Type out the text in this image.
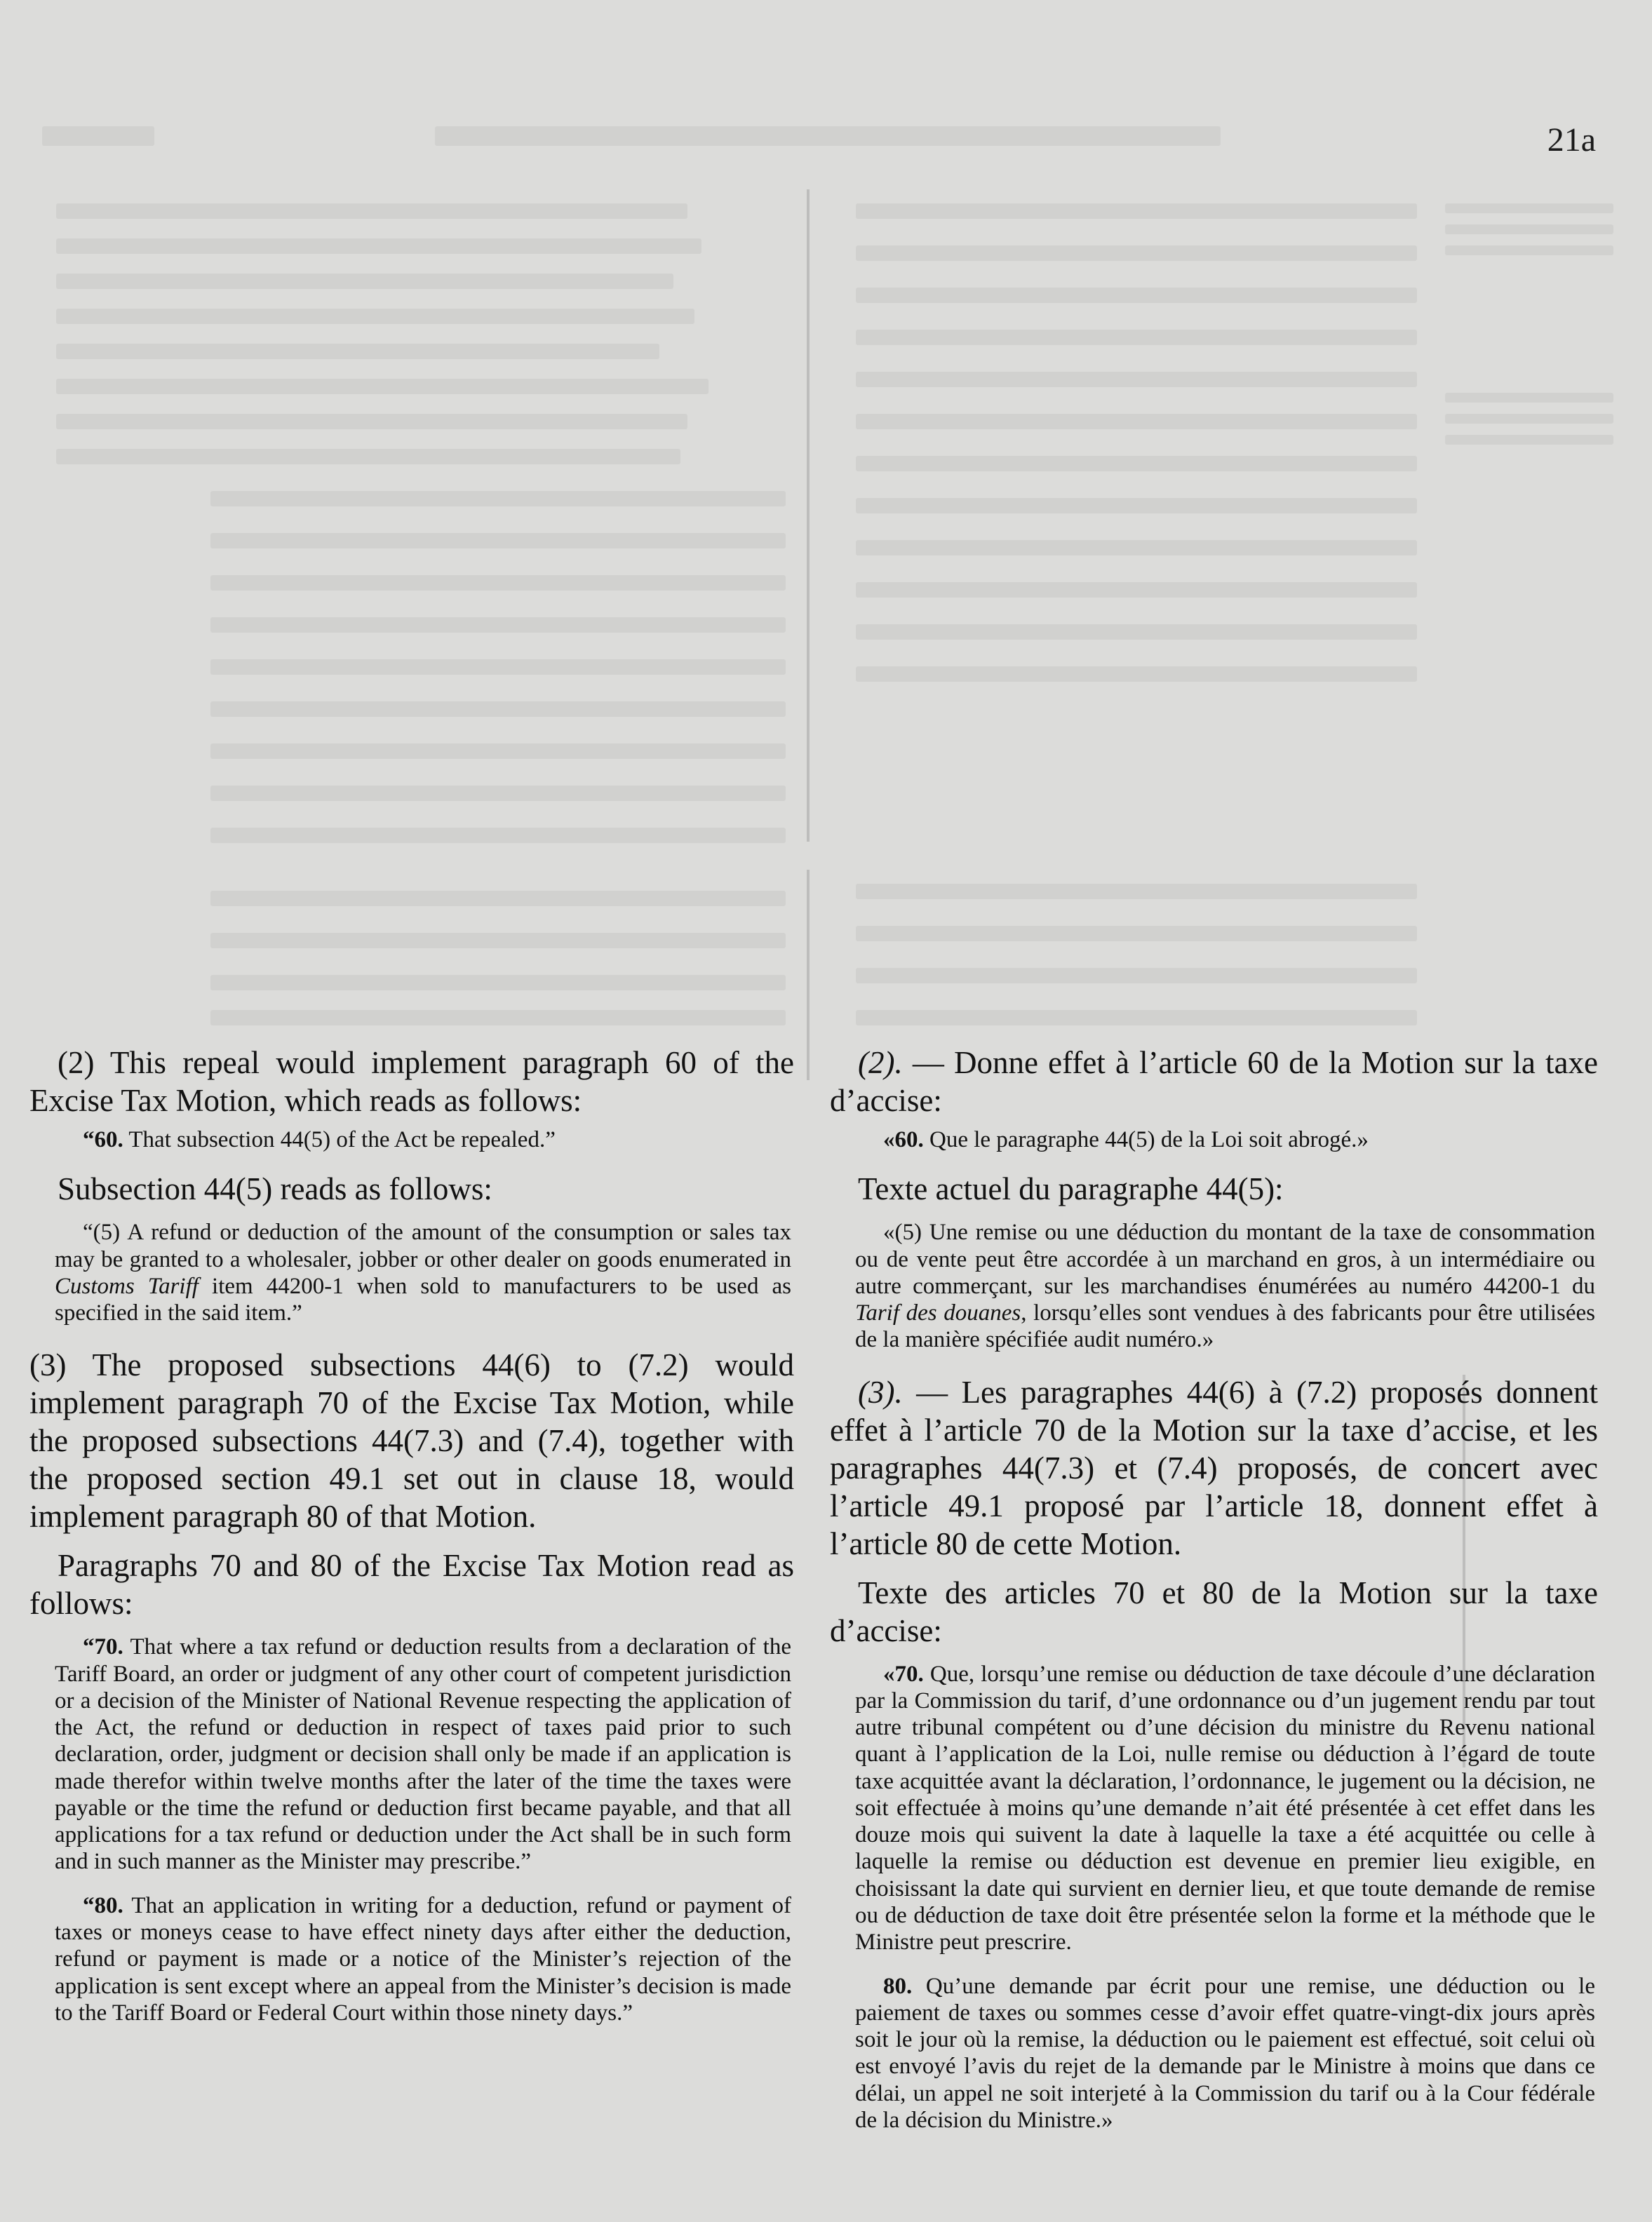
21a

(2) This repeal would implement paragraph 60 of the Excise Tax Motion, which reads as follows:

“60. That subsection 44(5) of the Act be repealed.”

Subsection 44(5) reads as follows:

“(5) A refund or deduction of the amount of the consumption or sales tax may be granted to a wholesaler, jobber or other dealer on goods enumerated in Customs Tariff item 44200-1 when sold to manufacturers to be used as specified in the said item.”

(3) The proposed subsections 44(6) to (7.2) would implement paragraph 70 of the Excise Tax Motion, while the proposed subsections 44(7.3) and (7.4), together with the proposed section 49.1 set out in clause 18, would implement paragraph 80 of that Motion.

Paragraphs 70 and 80 of the Excise Tax Motion read as follows:

“70. That where a tax refund or deduction results from a declaration of the Tariff Board, an order or judgment of any other court of competent jurisdiction or a decision of the Minister of National Revenue respecting the application of the Act, the refund or deduction in respect of taxes paid prior to such declaration, order, judgment or decision shall only be made if an application is made therefor within twelve months after the later of the time the taxes were payable or the time the refund or deduction first became payable, and that all applications for a tax refund or deduction under the Act shall be in such form and in such manner as the Minister may prescribe.”

“80. That an application in writing for a deduction, refund or payment of taxes or moneys cease to have effect ninety days after either the deduction, refund or payment is made or a notice of the Minister’s rejection of the application is sent except where an appeal from the Minister’s decision is made to the Tariff Board or Federal Court within those ninety days.”

(2). — Donne effet à l’article 60 de la Motion sur la taxe d’accise:

«60. Que le paragraphe 44(5) de la Loi soit abrogé.»

Texte actuel du paragraphe 44(5):

«(5) Une remise ou une déduction du montant de la taxe de consommation ou de vente peut être accordée à un marchand en gros, à un intermédiaire ou autre commerçant, sur les marchandises énumérées au numéro 44200-1 du Tarif des douanes, lorsqu’elles sont vendues à des fabricants pour être utilisées de la manière spécifiée audit numéro.»

(3). — Les paragraphes 44(6) à (7.2) proposés donnent effet à l’article 70 de la Motion sur la taxe d’accise, et les paragraphes 44(7.3) et (7.4) proposés, de concert avec l’article 49.1 proposé par l’article 18, donnent effet à l’article 80 de cette Motion.

Texte des articles 70 et 80 de la Motion sur la taxe d’accise:

«70. Que, lorsqu’une remise ou déduction de taxe découle d’une déclaration par la Commission du tarif, d’une ordonnance ou d’un jugement rendu par tout autre tribunal compétent ou d’une décision du ministre du Revenu national quant à l’application de la Loi, nulle remise ou déduction à l’égard de toute taxe acquittée avant la déclaration, l’ordonnance, le jugement ou la décision, ne soit effectuée à moins qu’une demande n’ait été présentée à cet effet dans les douze mois qui suivent la date à laquelle la taxe a été acquittée ou celle à laquelle la remise ou déduction est devenue en premier lieu exigible, en choisissant la date qui survient en dernier lieu, et que toute demande de remise ou de déduction de taxe doit être présentée selon la forme et la méthode que le Ministre peut prescrire.

80. Qu’une demande par écrit pour une remise, une déduction ou le paiement de taxes ou sommes cesse d’avoir effet quatre-vingt-dix jours après soit le jour où la remise, la déduction ou le paiement est effectué, soit celui où est envoyé l’avis du rejet de la demande par le Ministre à moins que dans ce délai, un appel ne soit interjeté à la Commission du tarif ou à la Cour fédérale de la décision du Ministre.»
